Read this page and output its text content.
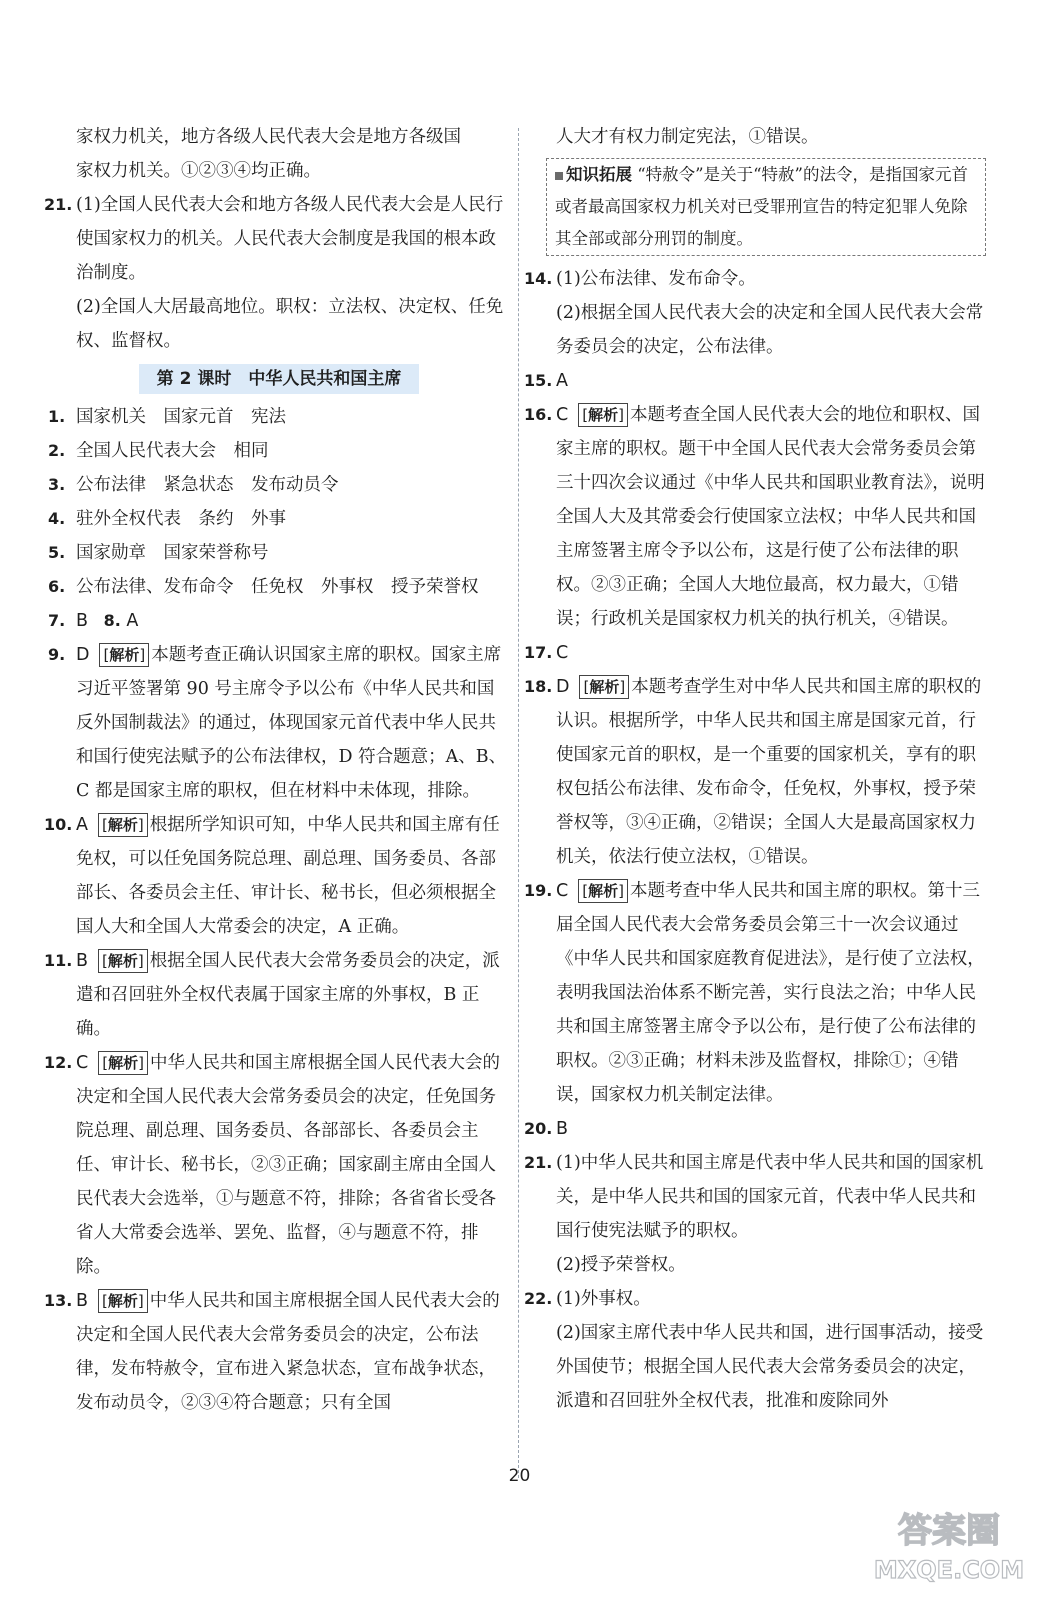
家权力机关，地方各级人民代表大会是地方各级国
家权力机关。①②③④均正确。
21. (1)全国人民代表大会和地方各级人民代表大会是人民行使国家权力的机关。人民代表大会制度是我国的根本政治制度。
(2)全国人大居最高地位。职权：立法权、决定权、任免权、监督权。
第 2 课时　中华人民共和国主席
1. 国家机关　国家元首　宪法
2. 全国人民代表大会　相同
3. 公布法律　紧急状态　发布动员令
4. 驻外全权代表　条约　外事
5. 国家勋章　国家荣誉称号
6. 公布法律、发布命令　任免权　外事权　授予荣誉权
7. B 8. A
9. D [ 解析 ] 本题考查正确认识国家主席的职权。国家主席习近平签署第 90 号主席令予以公布《中华人民共和国反外国制裁法》的通过，体现国家元首代表中华人民共和国行使宪法赋予的公布法律权，D 符合题意；A、B、C 都是国家主席的职权，但在材料中未体现，排除。
10. A [ 解析 ] 根据所学知识可知，中华人民共和国主席有任免权，可以任免国务院总理、副总理、国务委员、各部部长、各委员会主任、审计长、秘书长，但必须根据全国人大和全国人大常委会的决定，A 正确。
11. B [ 解析 ] 根据全国人民代表大会常务委员会的决定，派遣和召回驻外全权代表属于国家主席的外事权，B 正确。
12. C [ 解析 ] 中华人民共和国主席根据全国人民代表大会的决定和全国人民代表大会常务委员会的决定，任免国务院总理、副总理、国务委员、各部部长、各委员会主任、审计长、秘书长，②③正确；国家副主席由全国人民代表大会选举，①与题意不符，排除；各省省长受各省人大常委会选举、罢免、监督，④与题意不符，排除。
13. B [ 解析 ] 中华人民共和国主席根据全国人民代表大会的决定和全国人民代表大会常务委员会的决定，公布法律，发布特赦令，宣布进入紧急状态，宣布战争状态，发布动员令，②③④符合题意；只有全国
人大才有权力制定宪法，①错误。
知识拓展 “特赦令”是关于“特赦”的法令，是指国家元首或者最高国家权力机关对已受罪刑宣告的特定犯罪人免除其全部或部分刑罚的制度。
14. (1)公布法律、发布命令。
(2)根据全国人民代表大会的决定和全国人民代表大会常务委员会的决定，公布法律。
15. A
16. C [ 解析 ] 本题考查全国人民代表大会的地位和职权、国家主席的职权。题干中全国人民代表大会常务委员会第三十四次会议通过《中华人民共和国职业教育法》，说明全国人大及其常委会行使国家立法权；中华人民共和国主席签署主席令予以公布，这是行使了公布法律的职权。②③正确；全国人大地位最高，权力最大，①错误；行政机关是国家权力机关的执行机关，④错误。
17. C
18. D [ 解析 ] 本题考查学生对中华人民共和国主席的职权的认识。根据所学，中华人民共和国主席是国家元首，行使国家元首的职权，是一个重要的国家机关，享有的职权包括公布法律、发布命令，任免权，外事权，授予荣誉权等，③④正确，②错误；全国人大是最高国家权力机关，依法行使立法权，①错误。
19. C [ 解析 ] 本题考查中华人民共和国主席的职权。第十三届全国人民代表大会常务委员会第三十一次会议通过《中华人民共和国家庭教育促进法》，是行使了立法权，表明我国法治体系不断完善，实行良法之治；中华人民共和国主席签署主席令予以公布，是行使了公布法律的职权。②③正确；材料未涉及监督权，排除①；④错误，国家权力机关制定法律。
20. B
21. (1)中华人民共和国主席是代表中华人民共和国的国家机关，是中华人民共和国的国家元首，代表中华人民共和国行使宪法赋予的职权。
(2)授予荣誉权。
22. (1)外事权。
(2)国家主席代表中华人民共和国，进行国事活动，接受外国使节；根据全国人民代表大会常务委员会的决定，派遣和召回驻外全权代表，批准和废除同外
20
答案圈
MXQE.COM
